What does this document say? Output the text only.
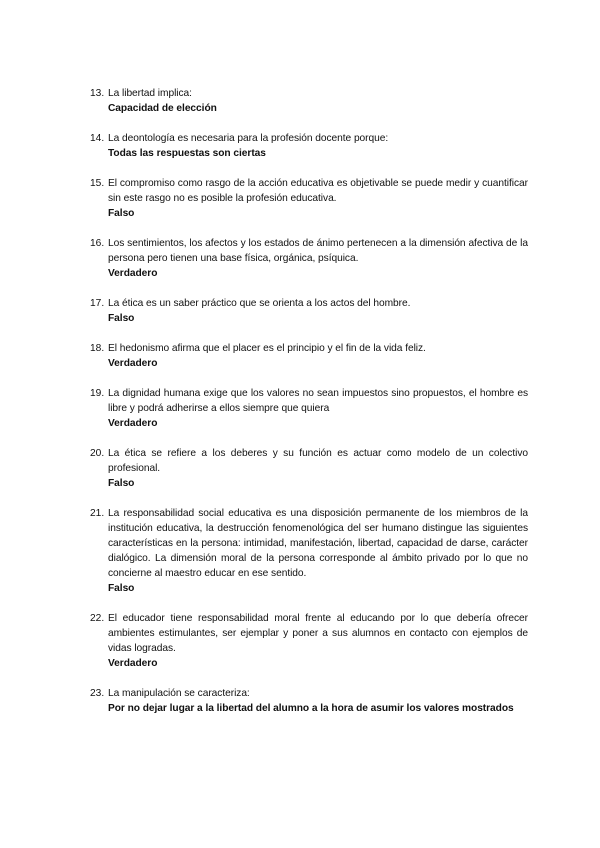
13. La libertad implica:
Capacidad de elección
14. La deontología es necesaria para la profesión docente porque:
Todas las respuestas son ciertas
15. El compromiso como rasgo de la acción educativa es objetivable se puede medir y cuantificar sin este rasgo no es posible la profesión educativa.
Falso
16. Los sentimientos, los afectos y los estados de ánimo pertenecen a la dimensión afectiva de la persona pero tienen una base física, orgánica, psíquica.
Verdadero
17. La ética es un saber práctico que se orienta a los actos del hombre.
Falso
18. El hedonismo afirma que el placer es el principio y el fin de la vida feliz.
Verdadero
19. La dignidad humana exige que los valores no sean impuestos sino propuestos, el hombre es libre y podrá adherirse a ellos siempre que quiera
Verdadero
20. La ética se refiere a los deberes y su función es actuar como modelo de un colectivo profesional.
Falso
21. La responsabilidad social educativa es una disposición permanente de los miembros de la institución educativa, la destrucción fenomenológica del ser humano distingue las siguientes características en la persona: intimidad, manifestación, libertad, capacidad de darse, carácter dialógico. La dimensión moral de la persona corresponde al ámbito privado por lo que no concierne al maestro educar en ese sentido.
Falso
22. El educador tiene responsabilidad moral frente al educando por lo que debería ofrecer ambientes estimulantes, ser ejemplar y poner a sus alumnos en contacto con ejemplos de vidas logradas.
Verdadero
23. La manipulación se caracteriza:
Por no dejar lugar a la libertad del alumno a la hora de asumir los valores mostrados
